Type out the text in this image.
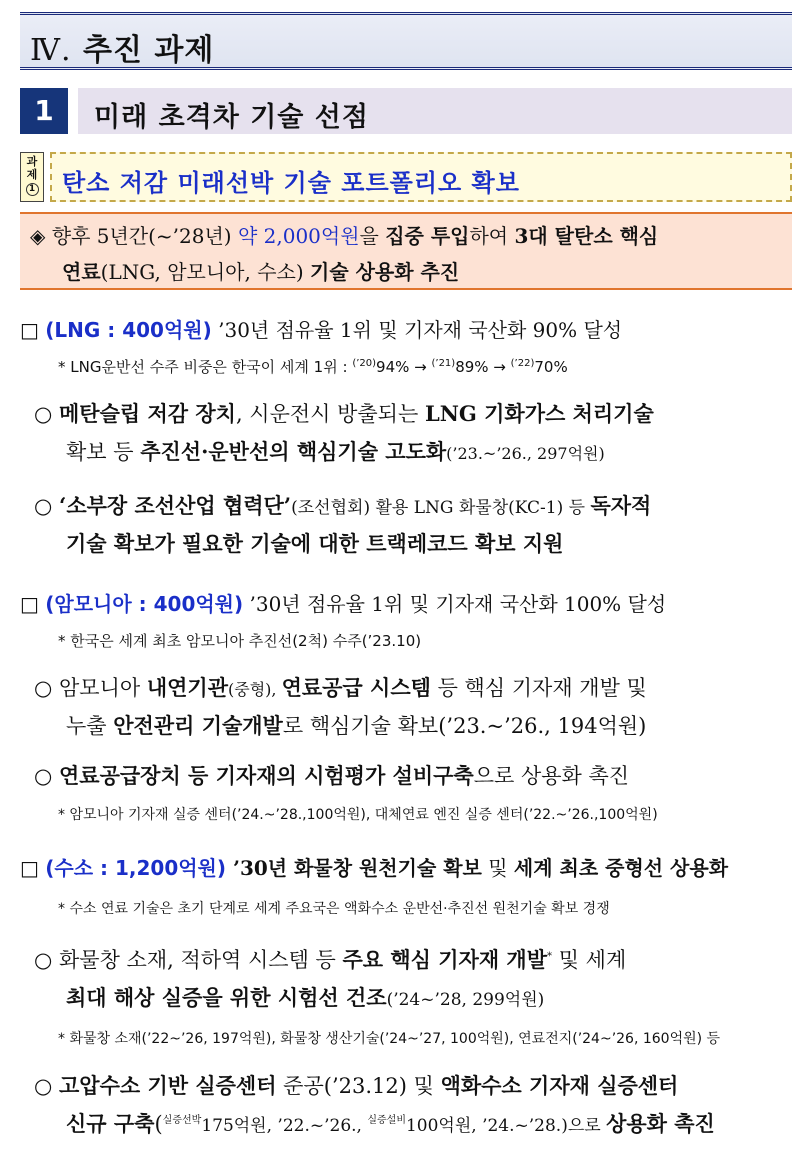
Ⅳ. 추진 과제
1	미래 초격차 기술 선점
과제
1	탄소 저감 미래선박 기술 포트폴리오 확보
◈ 향후 5년간(~’28년) 약 2,000억원을 집중 투입하여 3대 탈탄소 핵심
연료(LNG, 암모니아, 수소) 기술 상용화 추진
□ (LNG : 400억원) ’30년 점유율 1위 및 기자재 국산화 90% 달성
* LNG운반선 수주 비중은 한국이 세계 1위 : $^{(’20)}$94% → $^{(’21)}$89% → $^{(’22)}$70%
○ 메탄슬립 저감 장치, 시운전시 방출되는 LNG 기화가스 처리기술
확보 등 추진선·운반선의 핵심기술 고도화(’23.~’26., 297억원)
○ ‘소부장 조선산업 협력단’(조선협회) 활용 LNG 화물창(KC-1) 등 독자적
기술 확보가 필요한 기술에 대한 트랙레코드 확보 지원
□ (암모니아 : 400억원) ’30년 점유율 1위 및 기자재 국산화 100% 달성
* 한국은 세계 최초 암모니아 추진선(2척) 수주(’23.10)
○ 암모니아 내연기관(중형), 연료공급 시스템 등 핵심 기자재 개발 및
누출 안전관리 기술개발로 핵심기술 확보(’23.~’26., 194억원)
○ 연료공급장치 등 기자재의 시험평가 설비구축으로 상용화 촉진
* 암모니아 기자재 실증 센터(’24.~’28.,100억원), 대체연료 엔진 실증 센터(’22.~’26.,100억원)
□ (수소 : 1,200억원) ’30년 화물창 원천기술 확보 및 세계 최초 중형선 상용화
* 수소 연료 기술은 초기 단계로 세계 주요국은 액화수소 운반선·추진선 원천기술 확보 경쟁
○ 화물창 소재, 적하역 시스템 등 주요 핵심 기자재 개발* 및 세계
최대 해상 실증을 위한 시험선 건조(’24~’28, 299억원)
* 화물창 소재(’22~’26, 197억원), 화물창 생산기술(’24~’27, 100억원), 연료전지(’24~’26, 160억원) 등
○ 고압수소 기반 실증센터 준공(’23.12) 및 액화수소 기자재 실증센터
신규 구축($^{실증선박}$175억원, ’22.~’26., $^{실증설비}$100억원, ’24.~’28.)으로 상용화 촉진
